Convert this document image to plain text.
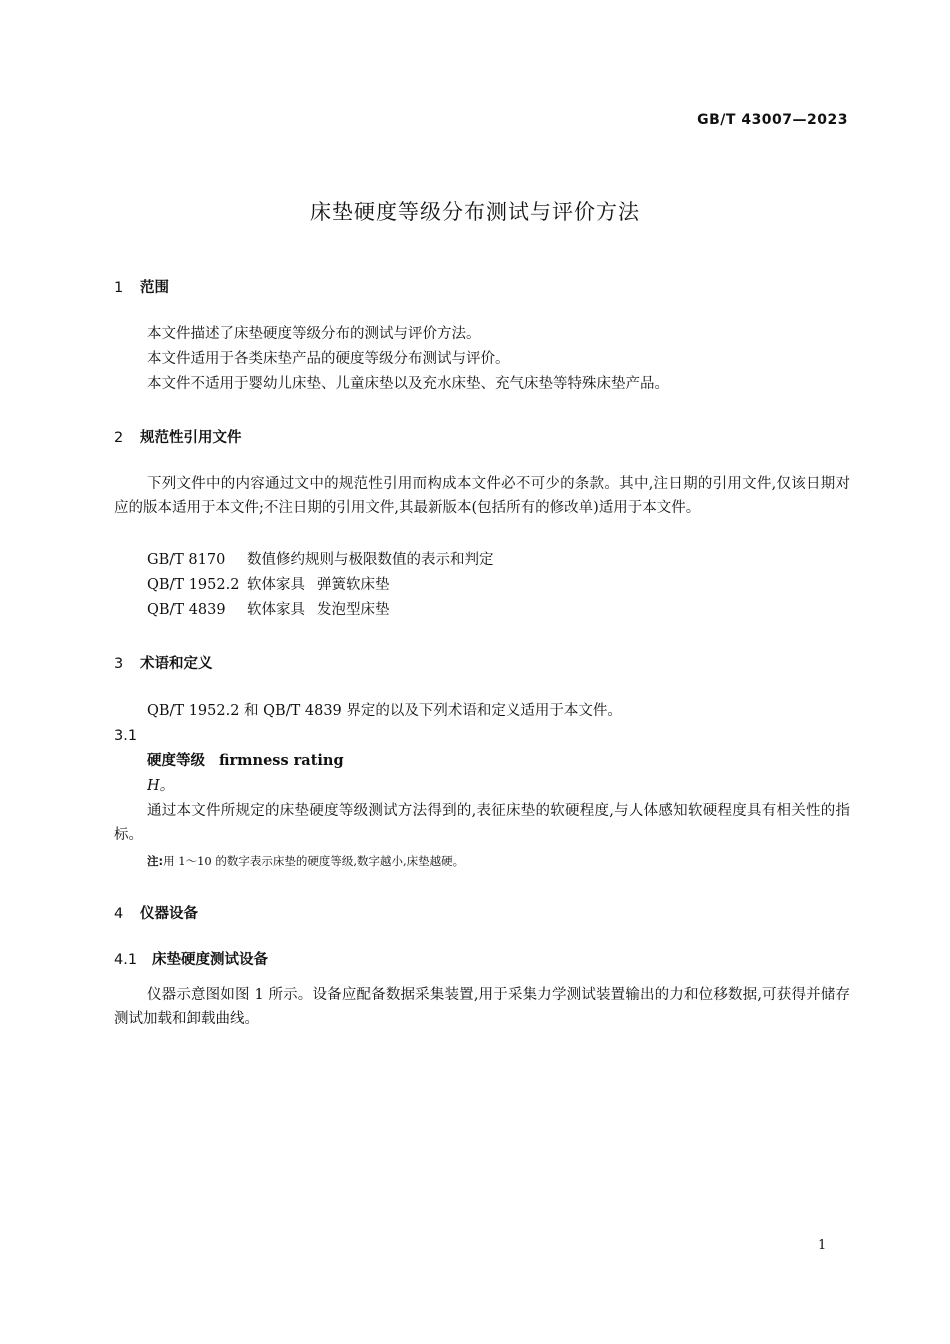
GB/T 43007—2023
床垫硬度等级分布测试与评价方法
1 范围
本文件描述了床垫硬度等级分布的测试与评价方法。
本文件适用于各类床垫产品的硬度等级分布测试与评价。
本文件不适用于婴幼儿床垫、儿童床垫以及充水床垫、充气床垫等特殊床垫产品。
2 规范性引用文件
下列文件中的内容通过文中的规范性引用而构成本文件必不可少的条款。其中,注日期的引用文件,仅该日期对应的版本适用于本文件;不注日期的引用文件,其最新版本(包括所有的修改单)适用于本文件。
GB/T 8170 数值修约规则与极限数值的表示和判定
QB/T 1952.2 软体家具 弹簧软床垫
QB/T 4839 软体家具 发泡型床垫
3 术语和定义
QB/T 1952.2 和 QB/T 4839 界定的以及下列术语和定义适用于本文件。
3.1
硬度等级 firmness rating
H。
通过本文件所规定的床垫硬度等级测试方法得到的,表征床垫的软硬程度,与人体感知软硬程度具有相关性的指标。
注:用 1～10 的数字表示床垫的硬度等级,数字越小,床垫越硬。
4 仪器设备
4.1 床垫硬度测试设备
仪器示意图如图 1 所示。设备应配备数据采集装置,用于采集力学测试装置输出的力和位移数据,可获得并储存测试加载和卸载曲线。
1
